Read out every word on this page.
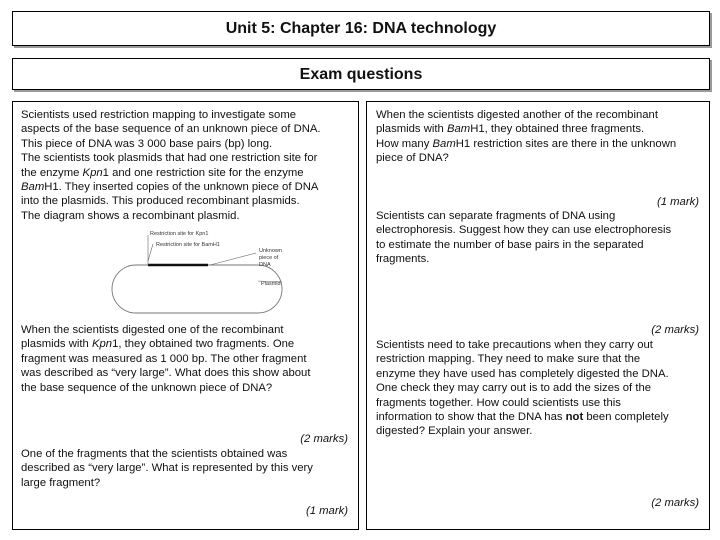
Unit 5: Chapter 16: DNA technology
Exam questions
Scientists used restriction mapping to investigate some
aspects of the base sequence of an unknown piece of DNA.
This piece of DNA was 3 000 base pairs (bp) long.
The scientists took plasmids that had one restriction site for
the enzyme Kpn1 and one restriction site for the enzyme
BamH1. They inserted copies of the unknown piece of DNA
into the plasmids. This produced recombinant plasmids.
The diagram shows a recombinant plasmid.
Restriction site for Kpn1
Restriction site for BamH1
Unknown
piece of
DNA
Plasmid
When the scientists digested one of the recombinant
plasmids with Kpn1, they obtained two fragments. One
fragment was measured as 1 000 bp. The other fragment
was described as “very large”. What does this show about
the base sequence of the unknown piece of DNA?
(2 marks)
One of the fragments that the scientists obtained was
described as “very large”. What is represented by this very
large fragment?
(1 mark)
When the scientists digested another of the recombinant
plasmids with BamH1, they obtained three fragments.
How many BamH1 restriction sites are there in the unknown
piece of DNA?
(1 mark)
Scientists can separate fragments of DNA using
electrophoresis. Suggest how they can use electrophoresis
to estimate the number of base pairs in the separated
fragments.
(2 marks)
Scientists need to take precautions when they carry out
restriction mapping. They need to make sure that the
enzyme they have used has completely digested the DNA.
One check they may carry out is to add the sizes of the
fragments together. How could scientists use this
information to show that the DNA has not been completely
digested? Explain your answer.
(2 marks)
